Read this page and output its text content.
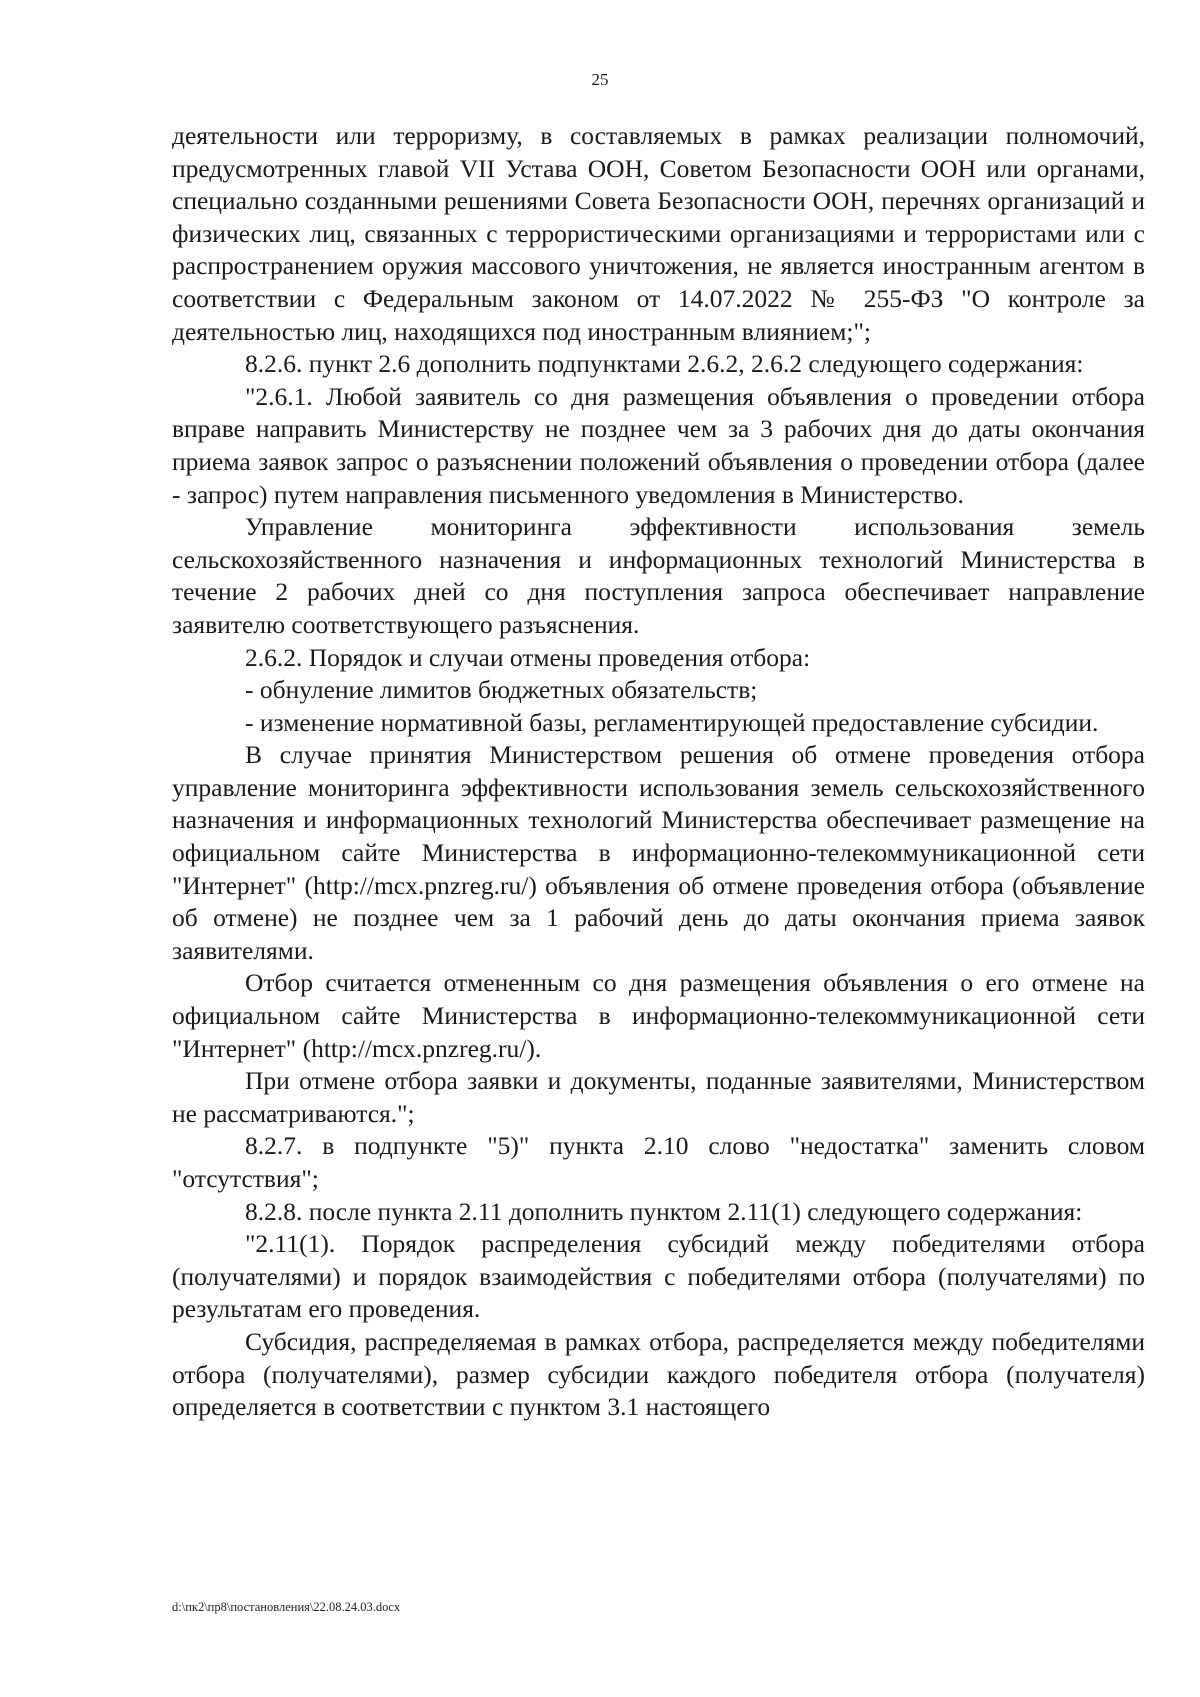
25

деятельности или терроризму, в составляемых в рамках реализации полномочий, предусмотренных главой VII Устава ООН, Советом Безопасности ООН или органами, специально созданными решениями Совета Безопасности ООН, перечнях организаций и физических лиц, связанных с террористическими организациями и террористами или с распространением оружия массового уничтожения, не является иностранным агентом в соответствии с Федеральным законом от 14.07.2022 № 255-ФЗ "О контроле за деятельностью лиц, находящихся под иностранным влиянием;";

8.2.6. пункт 2.6 дополнить подпунктами 2.6.2, 2.6.2 следующего содержания:

"2.6.1. Любой заявитель со дня размещения объявления о проведении отбора вправе направить Министерству не позднее чем за 3 рабочих дня до даты окончания приема заявок запрос о разъяснении положений объявления о проведении отбора (далее - запрос) путем направления письменного уведомления в Министерство.

Управление мониторинга эффективности использования земель сельскохозяйственного назначения и информационных технологий Министерства в течение 2 рабочих дней со дня поступления запроса обеспечивает направление заявителю соответствующего разъяснения.

2.6.2. Порядок и случаи отмены проведения отбора:

- обнуление лимитов бюджетных обязательств;

- изменение нормативной базы, регламентирующей предоставление субсидии.

В случае принятия Министерством решения об отмене проведения отбора управление мониторинга эффективности использования земель сельскохозяйственного назначения и информационных технологий Министерства обеспечивает размещение на официальном сайте Министерства в информационно-телекоммуникационной сети "Интернет" (http://mcx.pnzreg.ru/) объявления об отмене проведения отбора (объявление об отмене) не позднее чем за 1 рабочий день до даты окончания приема заявок заявителями.

Отбор считается отмененным со дня размещения объявления о его отмене на официальном сайте Министерства в информационно-телекоммуникационной сети "Интернет" (http://mcx.pnzreg.ru/).

При отмене отбора заявки и документы, поданные заявителями, Министерством не рассматриваются.";

8.2.7. в подпункте "5)" пункта 2.10 слово "недостатка" заменить словом "отсутствия";

8.2.8. после пункта 2.11 дополнить пунктом 2.11(1) следующего содержания:

"2.11(1). Порядок распределения субсидий между победителями отбора (получателями) и порядок взаимодействия с победителями отбора (получателями) по результатам его проведения.

Субсидия, распределяемая в рамках отбора, распределяется между победителями отбора (получателями), размер субсидии каждого победителя отбора (получателя) определяется в соответствии с пунктом 3.1 настоящего

d:\пк2\пр8\постановления\22.08.24.03.docx
